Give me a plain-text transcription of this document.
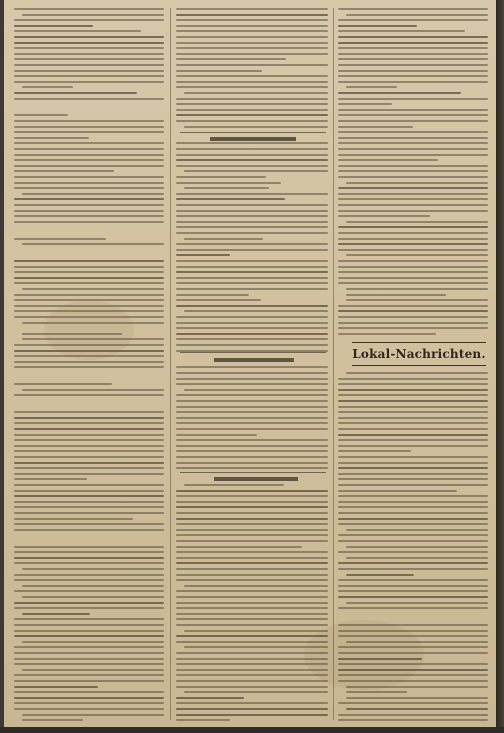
Lokal-Nachrichten.
